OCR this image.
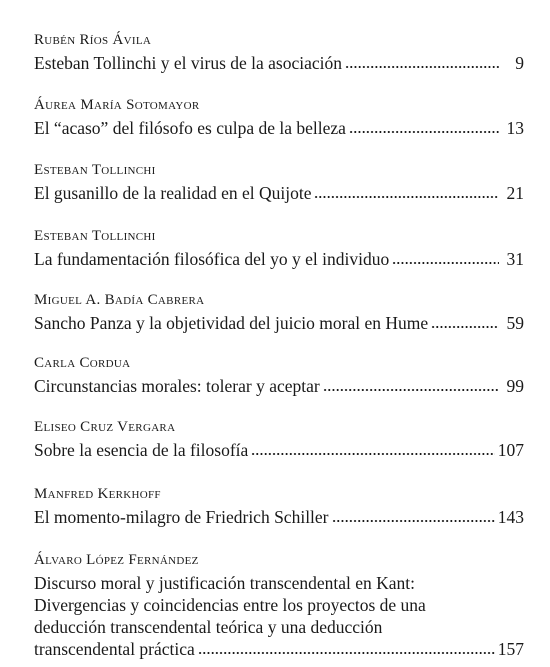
Rubén Ríos Ávila
Esteban Tollinchi y el virus de la asociación	9
Áurea María Sotomayor
El “acaso” del filósofo es culpa de la belleza	13
Esteban Tollinchi
El gusanillo de la realidad en el Quijote	21
Esteban Tollinchi
La fundamentación filosófica del yo y el individuo	31
Miguel A. Badía Cabrera
Sancho Panza y la objetividad del juicio moral en Hume	59
Carla Cordua
Circunstancias morales: tolerar y aceptar	99
Eliseo Cruz Vergara
Sobre la esencia de la filosofía	107
Manfred Kerkhoff
El momento-milagro de Friedrich Schiller	143
Álvaro López Fernández
Discurso moral y justificación transcendental en Kant:
Divergencias y coincidencias entre los proyectos de una
deducción transcendental teórica y una deducción
transcendental práctica	157
